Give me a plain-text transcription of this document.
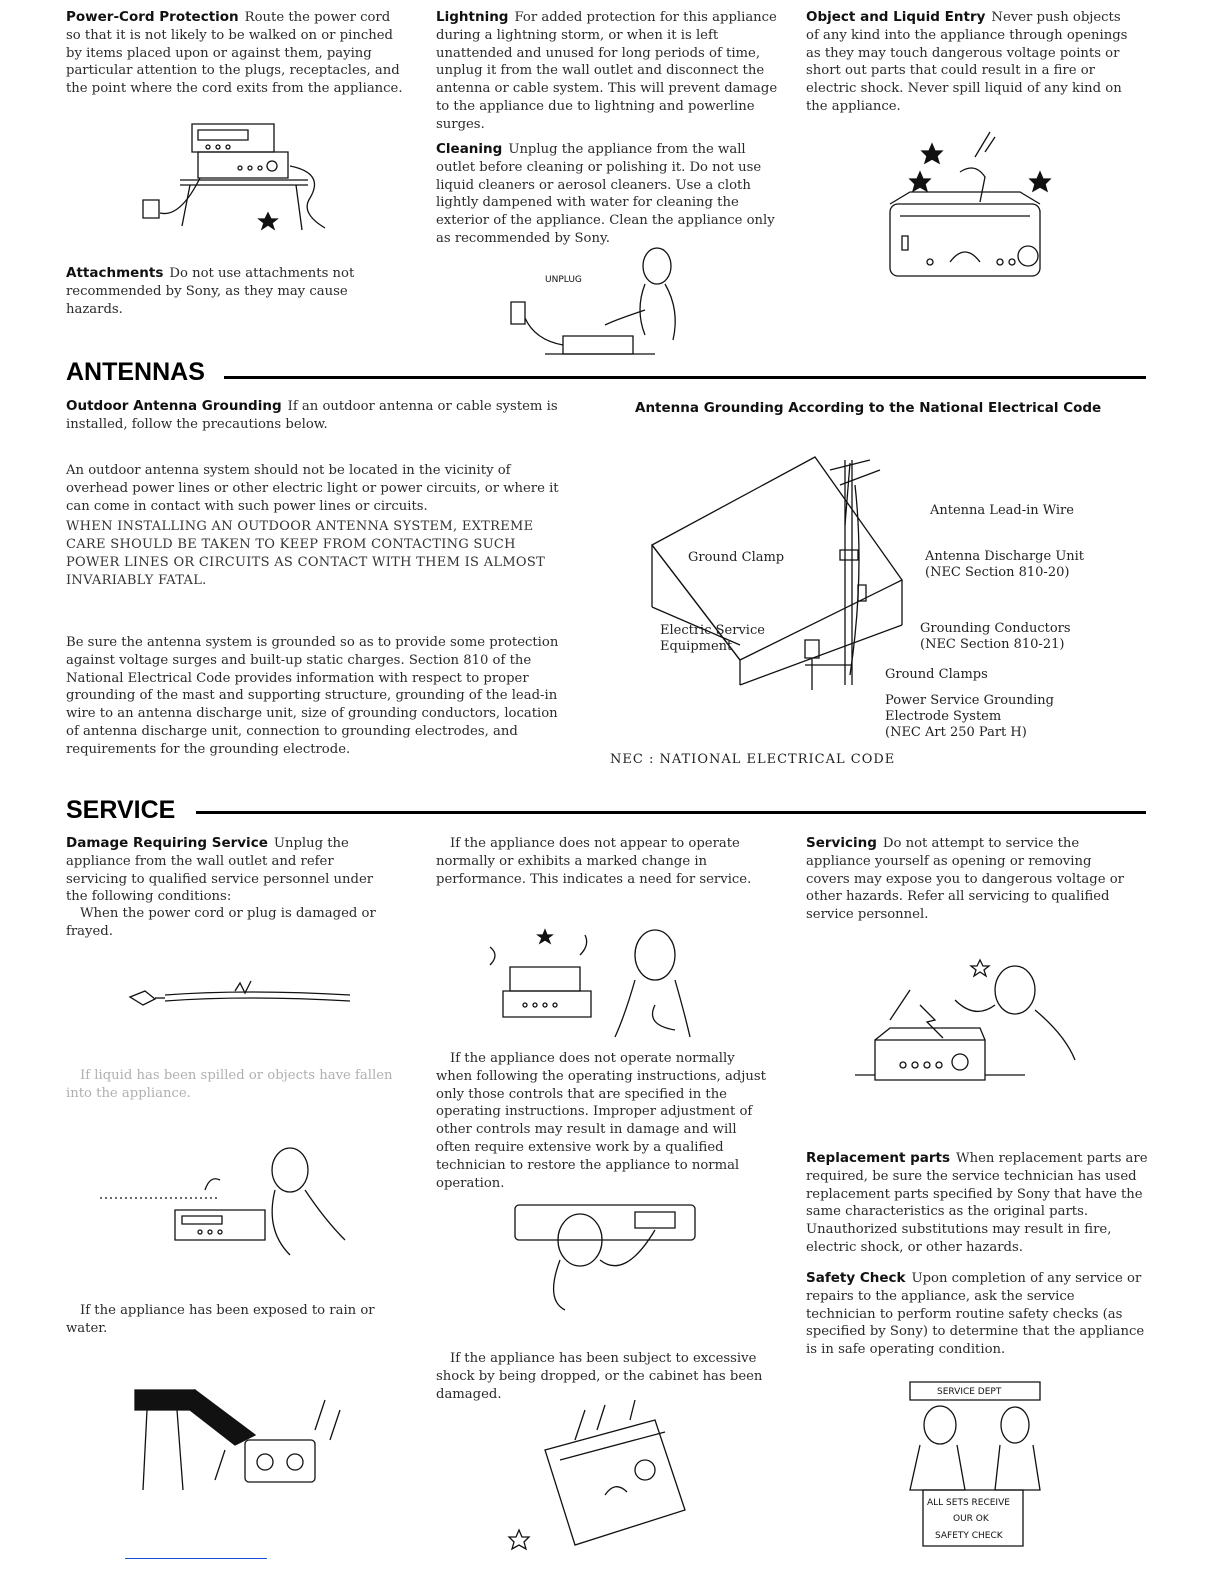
Power-Cord Protection Route the power cord so that it is not likely to be walked on or pinched by items placed upon or against them, paying particular attention to the plugs, receptacles, and the point where the cord exits from the appliance.

Attachments Do not use attachments not recommended by Sony, as they may cause hazards.

Lightning For added protection for this appliance during a lightning storm, or when it is left unattended and unused for long periods of time, unplug it from the wall outlet and disconnect the antenna or cable system. This will prevent damage to the appliance due to lightning and powerline surges.

Cleaning Unplug the appliance from the wall outlet before cleaning or polishing it. Do not use liquid cleaners or aerosol cleaners. Use a cloth lightly dampened with water for cleaning the exterior of the appliance. Clean the appliance only as recommended by Sony.

UNPLUG

Object and Liquid Entry Never push objects of any kind into the appliance through openings as they may touch dangerous voltage points or short out parts that could result in a fire or electric shock. Never spill liquid of any kind on the appliance.

ANTENNAS

Outdoor Antenna Grounding If an outdoor antenna or cable system is installed, follow the precautions below.

An outdoor antenna system should not be located in the vicinity of overhead power lines or other electric light or power circuits, or where it can come in contact with such power lines or circuits.

WHEN INSTALLING AN OUTDOOR ANTENNA SYSTEM, EXTREME CARE SHOULD BE TAKEN TO KEEP FROM CONTACTING SUCH POWER LINES OR CIRCUITS AS CONTACT WITH THEM IS ALMOST INVARIABLY FATAL.

Be sure the antenna system is grounded so as to provide some protection against voltage surges and built-up static charges. Section 810 of the National Electrical Code provides information with respect to proper grounding of the mast and supporting structure, grounding of the lead-in wire to an antenna discharge unit, size of grounding conductors, location of antenna discharge unit, connection to grounding electrodes, and requirements for the grounding electrode.

Antenna Grounding According to the National Electrical Code
Antenna Lead-in Wire
Ground Clamp	Antenna Discharge Unit
(NEC Section 810-20)
Electric Service
Equipment
Grounding Conductors
(NEC Section 810-21)
Ground Clamps
Power Service Grounding
Electrode System
(NEC Art 250 Part H)
NEC : NATIONAL ELECTRICAL CODE
SERVICE

Damage Requiring Service Unplug the appliance from the wall outlet and refer servicing to qualified service personnel under the following conditions:

When the power cord or plug is damaged or frayed.

If liquid has been spilled or objects have fallen into the appliance.

If the appliance has been exposed to rain or water.

If the appliance does not appear to operate normally or exhibits a marked change in performance. This indicates a need for service.

If the appliance does not operate normally when following the operating instructions, adjust only those controls that are specified in the operating instructions. Improper adjustment of other controls may result in damage and will often require extensive work by a qualified technician to restore the appliance to normal operation.

If the appliance has been subject to excessive shock by being dropped, or the cabinet has been damaged.

Servicing Do not attempt to service the appliance yourself as opening or removing covers may expose you to dangerous voltage or other hazards. Refer all servicing to qualified service personnel.

Replacement parts When replacement parts are required, be sure the service technician has used replacement parts specified by Sony that have the same characteristics as the original parts. Unauthorized substitutions may result in fire, electric shock, or other hazards.

Safety Check Upon completion of any service or repairs to the appliance, ask the service technician to perform routine safety checks (as specified by Sony) to determine that the appliance is in safe operating condition.

SERVICE DEPT
ALL SETS RECEIVE
OUR OK
SAFETY CHECK
